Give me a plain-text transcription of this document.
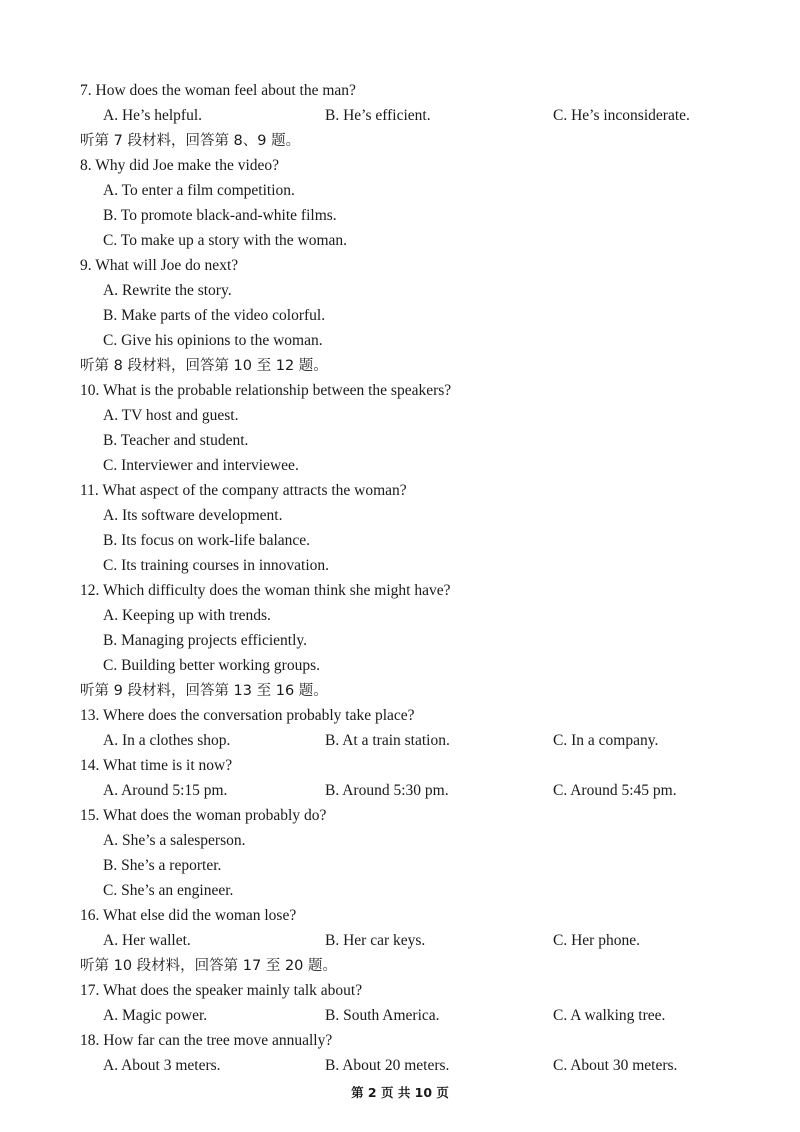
7. How does the woman feel about the man?
A. He’s helpful.	B. He’s efficient.	C. He’s inconsiderate.
听第 7 段材料，回答第 8、9 题。
8. Why did Joe make the video?
A. To enter a film competition.
B. To promote black-and-white films.
C. To make up a story with the woman.
9. What will Joe do next?
A. Rewrite the story.
B. Make parts of the video colorful.
C. Give his opinions to the woman.
听第 8 段材料，回答第 10 至 12 题。
10. What is the probable relationship between the speakers?
A. TV host and guest.
B. Teacher and student.
C. Interviewer and interviewee.
11. What aspect of the company attracts the woman?
A. Its software development.
B. Its focus on work-life balance.
C. Its training courses in innovation.
12. Which difficulty does the woman think she might have?
A. Keeping up with trends.
B. Managing projects efficiently.
C. Building better working groups.
听第 9 段材料，回答第 13 至 16 题。
13. Where does the conversation probably take place?
A. In a clothes shop.	B. At a train station.	C. In a company.
14. What time is it now?
A. Around 5:15 pm.	B. Around 5:30 pm.	C. Around 5:45 pm.
15. What does the woman probably do?
A. She’s a salesperson.
B. She’s a reporter.
C. She’s an engineer.
16. What else did the woman lose?
A. Her wallet.	B. Her car keys.	C. Her phone.
听第 10 段材料，回答第 17 至 20 题。
17. What does the speaker mainly talk about?
A. Magic power.	B. South America.	C. A walking tree.
18. How far can the tree move annually?
A. About 3 meters.	B. About 20 meters.	C. About 30 meters.
第 2 页 共 10 页
